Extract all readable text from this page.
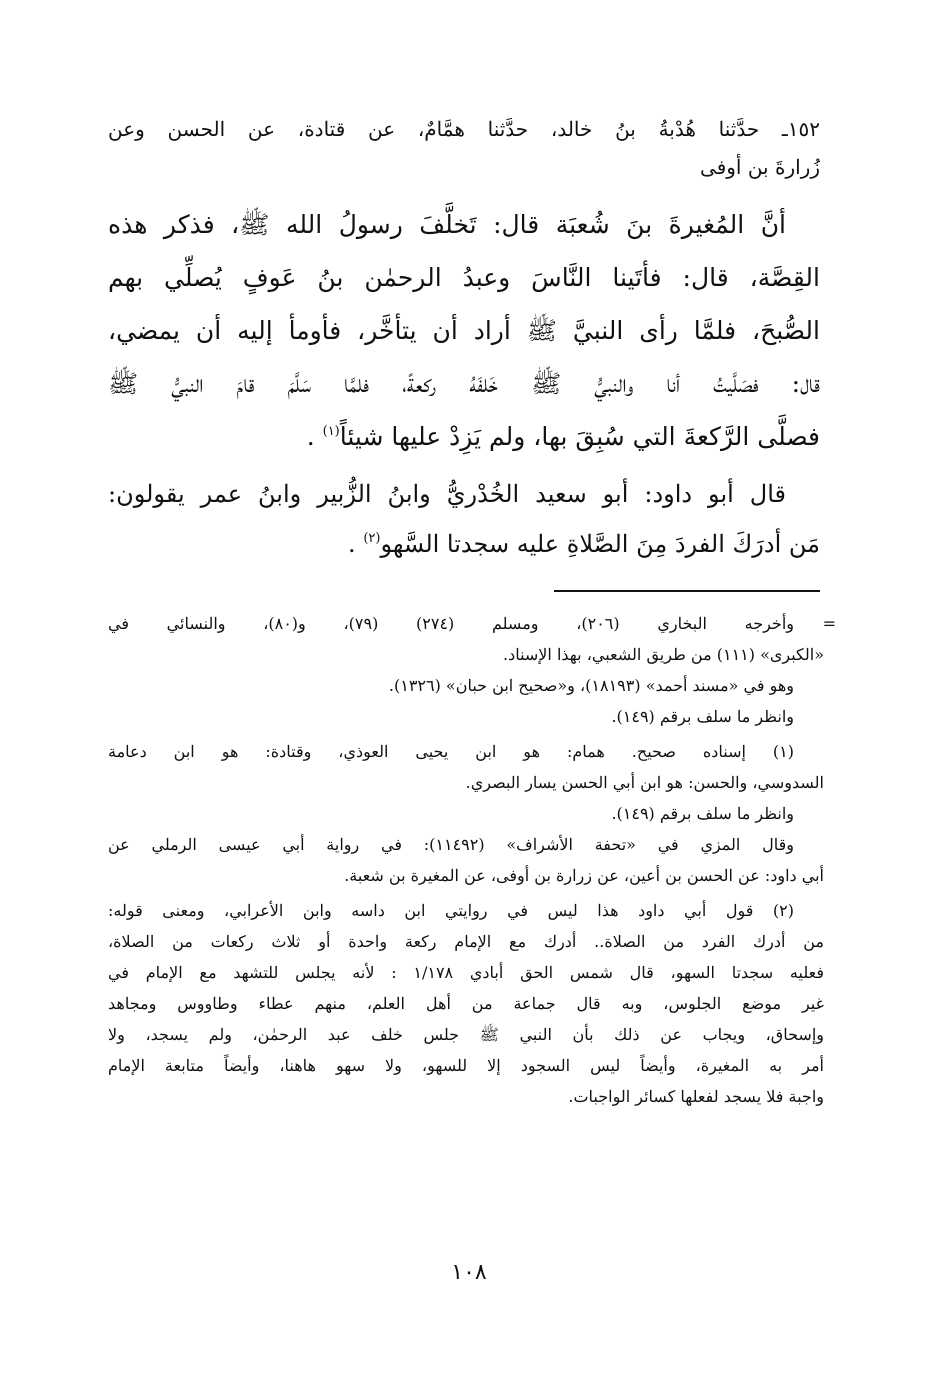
١٥٢ـ حدَّثنا هُدْبةُ بنُ خالد، حدَّثنا همَّامٌ، عن قتادة، عن الحسن وعن
زُرارةَ بن أوفى
أنَّ المُغيرةَ بنَ شُعبَة قال: تَخلَّفَ رسولُ الله ﷺ، فذكر هذه
القِصَّة، قال: فأتَينا النَّاسَ وعبدُ الرحمٰن بنُ عَوفٍ يُصلِّي بهم
الصُّبحَ، فلمَّا رأى النبيَّ ﷺ أراد أن يتأخَّر، فأومأ إليه أن يمضي،
قال: فصَلَّيتُ أنا والنبيُّ ﷺ خَلفَهُ ركعةً، فلمَّا سَلَّمَ قامَ النبيُّ ﷺ
فصلَّى الرَّكعةَ التي سُبِقَ بها، ولم يَزِدْ عليها شيئاً$^{(١)}$ .
قال أبو داود: أبو سعيد الخُدْريُّ وابنُ الزُّبير وابنُ عمر يقولون:
مَن أدرَكَ الفردَ مِنَ الصَّلاةِ عليه سجدتا السَّهو$^{(٢)}$ .
=
وأخرجه البخاري (٢٠٦)، ومسلم (٢٧٤) (٧٩)، و(٨٠)، والنسائي في
«الكبرى» (١١١) من طريق الشعبي، بهذا الإسناد.
وهو في «مسند أحمد» (١٨١٩٣)، و«صحيح ابن حبان» (١٣٢٦).
وانظر ما سلف برقم (١٤٩).
(١) إسناده صحيح. همام: هو ابن يحيى العوذي، وقتادة: هو ابن دعامة
السدوسي، والحسن: هو ابن أبي الحسن يسار البصري.
وانظر ما سلف برقم (١٤٩).
وقال المزي في «تحفة الأشراف» (١١٤٩٢): في رواية أبي عيسى الرملي عن
أبي داود: عن الحسن بن أعين، عن زرارة بن أوفى، عن المغيرة بن شعبة.
(٢) قول أبي داود هذا ليس في روايتي ابن داسه وابن الأعرابي، ومعنى قوله:
من أدرك الفرد من الصلاة.. أدرك مع الإمام ركعة واحدة أو ثلاث ركعات من الصلاة،
فعليه سجدتا السهو، قال شمس الحق أبادي ١/١٧٨ : لأنه يجلس للتشهد مع الإمام في
غير موضع الجلوس، وبه قال جماعة من أهل العلم، منهم عطاء وطاووس ومجاهد
وإسحاق، ويجاب عن ذلك بأن النبي ﷺ جلس خلف عبد الرحمٰن، ولم يسجد، ولا
أمر به المغيرة، وأيضاً ليس السجود إلا للسهو، ولا سهو هاهنا، وأيضاً متابعة الإمام
واجبة فلا يسجد لفعلها كسائر الواجبات.
١٠٨
